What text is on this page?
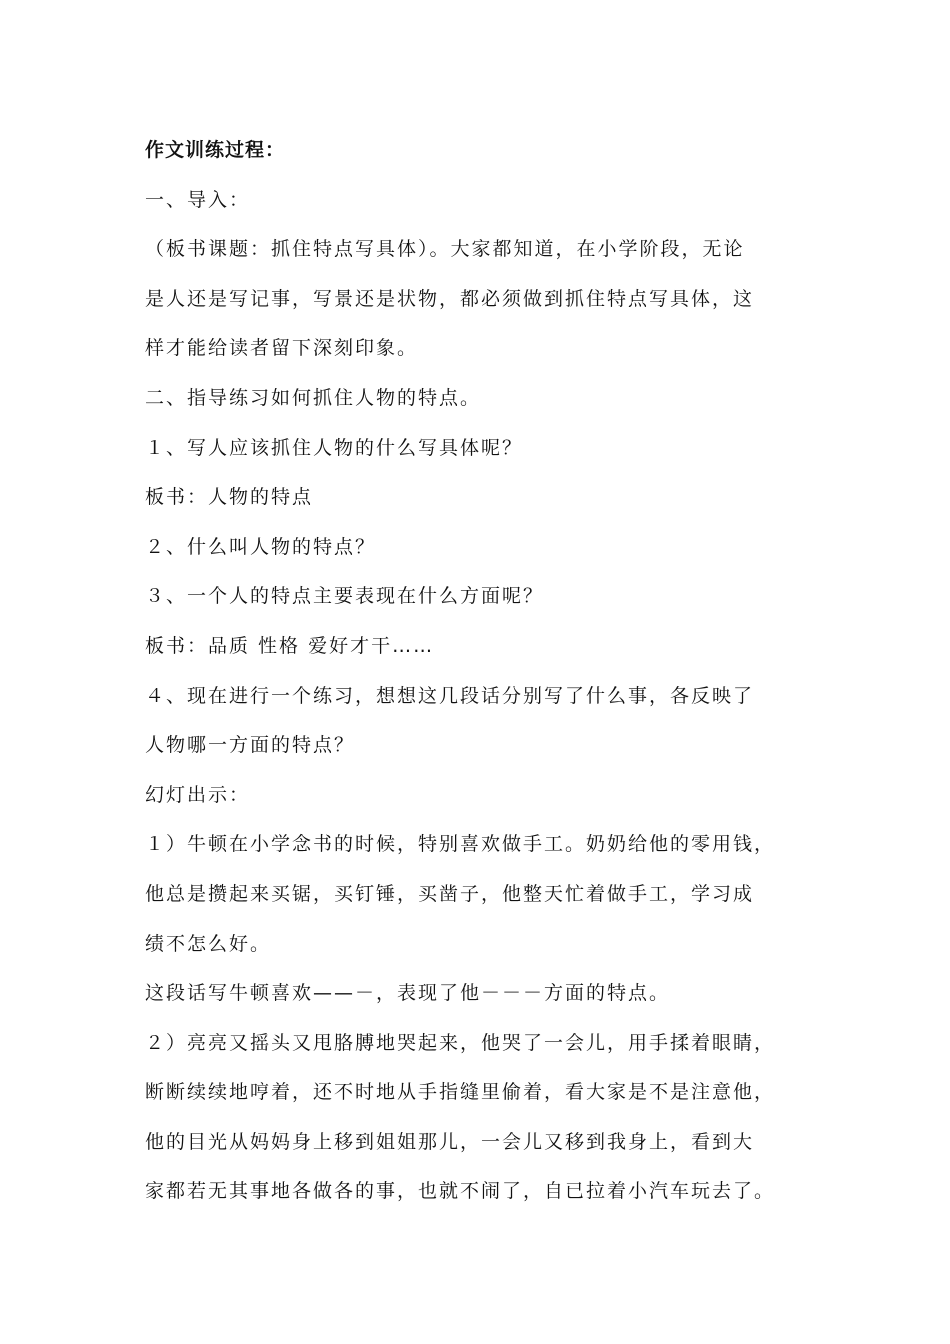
作文训练过程：
一、导入：
（板书课题：抓住特点写具体）。大家都知道，在小学阶段，无论
是人还是写记事，写景还是状物，都必须做到抓住特点写具体，这
样才能给读者留下深刻印象。
二、指导练习如何抓住人物的特点。
１、写人应该抓住人物的什么写具体呢？
板书：人物的特点
２、什么叫人物的特点？
３、一个人的特点主要表现在什么方面呢？
板书：品质 性格 爱好才干……
４、现在进行一个练习，想想这几段话分别写了什么事，各反映了
人物哪一方面的特点？
幻灯出示：
１）牛顿在小学念书的时候，特别喜欢做手工。奶奶给他的零用钱，
他总是攒起来买锯，买钉锤，买凿子，他整天忙着做手工，学习成
绩不怎么好。
这段话写牛顿喜欢——－，表现了他－－－方面的特点。
２）亮亮又摇头又甩胳膊地哭起来，他哭了一会儿，用手揉着眼睛，
断断续续地哼着，还不时地从手指缝里偷着，看大家是不是注意他，
他的目光从妈妈身上移到姐姐那儿，一会儿又移到我身上，看到大
家都若无其事地各做各的事，也就不闹了，自已拉着小汽车玩去了。
